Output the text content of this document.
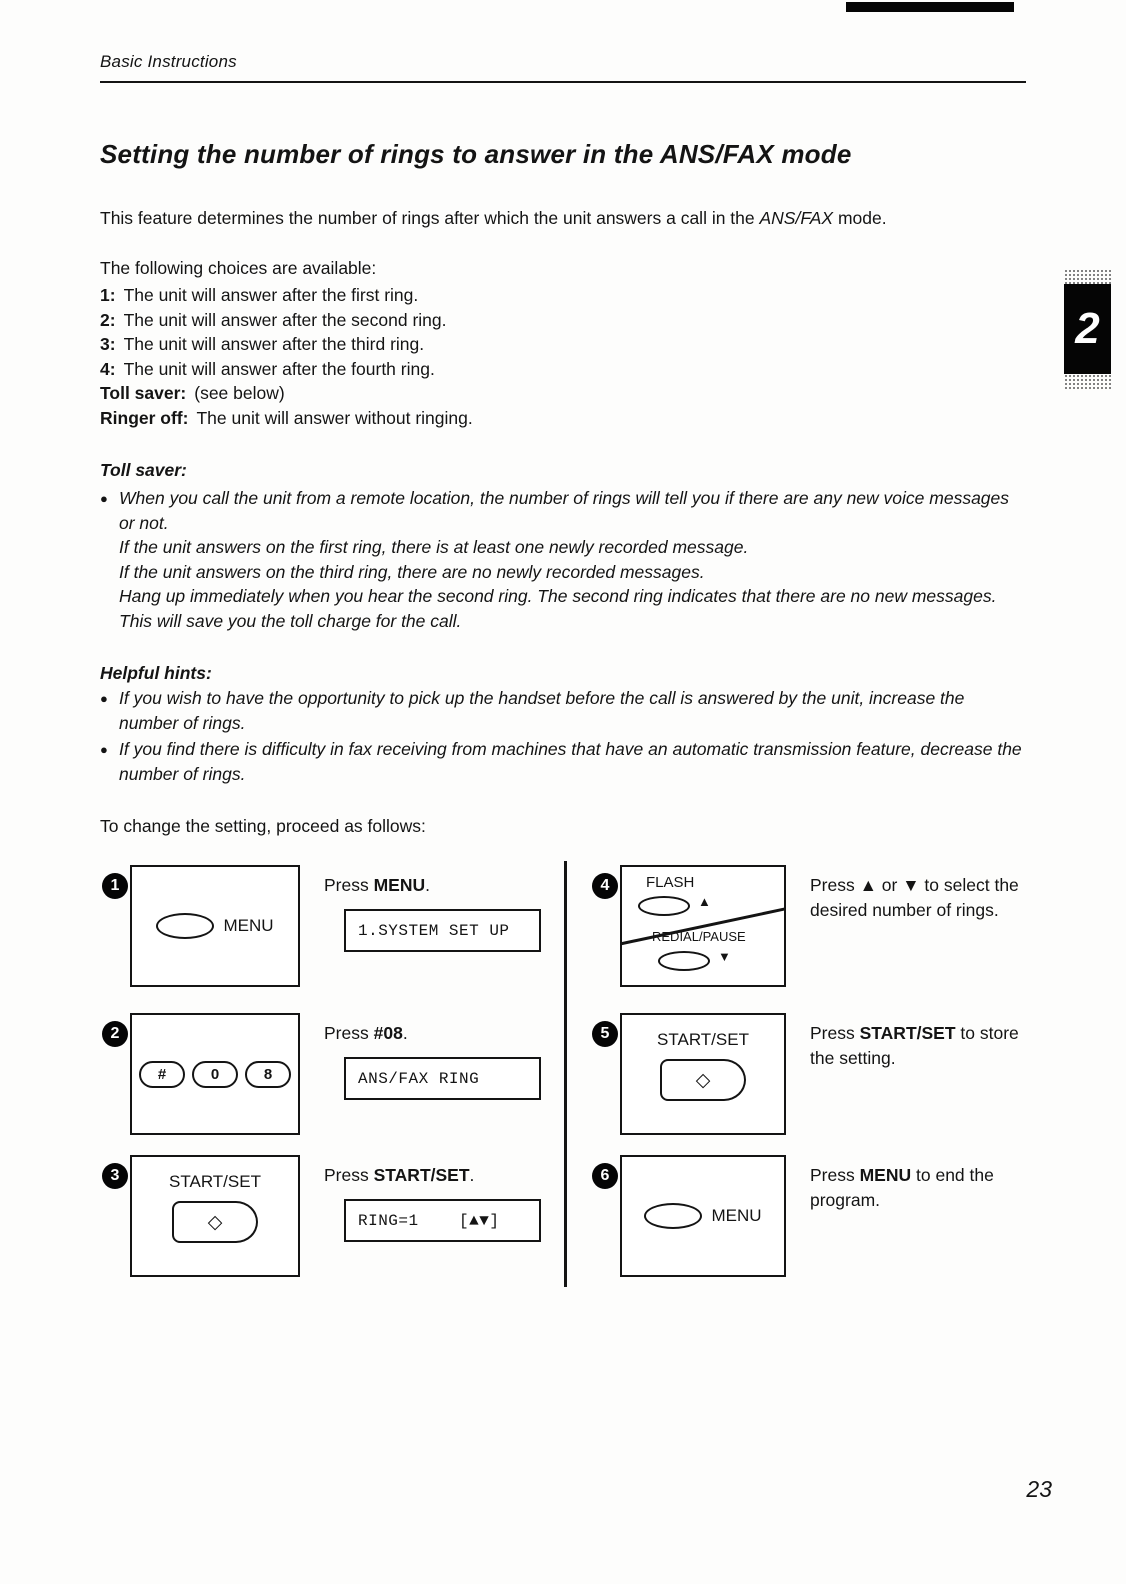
2
Basic Instructions
Setting the number of rings to answer in the ANS/FAX mode

This feature determines the number of rings after which the unit answers a call in the ANS/FAX mode.

The following choices are available:

1: The unit will answer after the first ring.
2: The unit will answer after the second ring.
3: The unit will answer after the third ring.
4: The unit will answer after the fourth ring.
Toll saver: (see below)
Ringer off: The unit will answer without ringing.

Toll saver:

● When you call the unit from a remote location, the number of rings will tell you if there are any new voice messages or not.
If the unit answers on the first ring, there is at least one newly recorded message.
If the unit answers on the third ring, there are no newly recorded messages.
Hang up immediately when you hear the second ring. The second ring indicates that there are no new messages. This will save you the toll charge for the call.

Helpful hints:

● If you wish to have the opportunity to pick up the handset before the call is answered by the unit, increase the number of rings.
● If you find there is difficulty in fax receiving from machines that have an automatic transmission feature, decrease the number of rings.

To change the setting, proceed as follows:

1
MENU
Press MENU.
1.SYSTEM SET UP
2
#	0	8
Press #08.
ANS/FAX RING
3	START/SET
◇
Press START/SET.
RING=1    [▲▼]
4	FLASH
▲
REDIAL/PAUSE
▼
Press ▲ or ▼ to select the desired number of rings.
5	START/SET
◇
Press START/SET to store the setting.
6
MENU
Press MENU to end the program.
23
